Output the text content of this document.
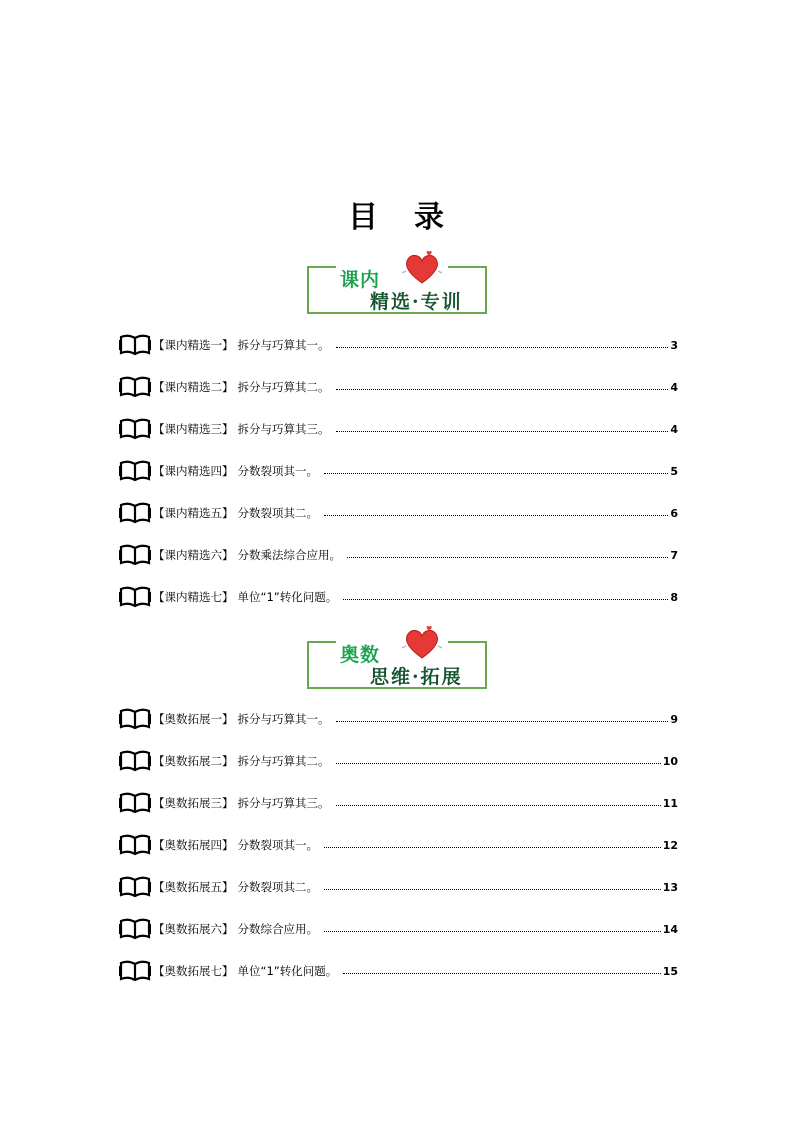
目 录
♥
课内
精选·专训
【课内精选一】 拆分与巧算其一。	3
【课内精选二】 拆分与巧算其二。	4
【课内精选三】 拆分与巧算其三。	4
【课内精选四】 分数裂项其一。	5
【课内精选五】 分数裂项其二。	6
【课内精选六】 分数乘法综合应用。	7
【课内精选七】 单位“1”转化问题。	8
♥
奥数
思维·拓展
【奥数拓展一】 拆分与巧算其一。	9
【奥数拓展二】 拆分与巧算其二。	10
【奥数拓展三】 拆分与巧算其三。	11
【奥数拓展四】 分数裂项其一。	12
【奥数拓展五】 分数裂项其二。	13
【奥数拓展六】 分数综合应用。	14
【奥数拓展七】 单位“1”转化问题。	15
